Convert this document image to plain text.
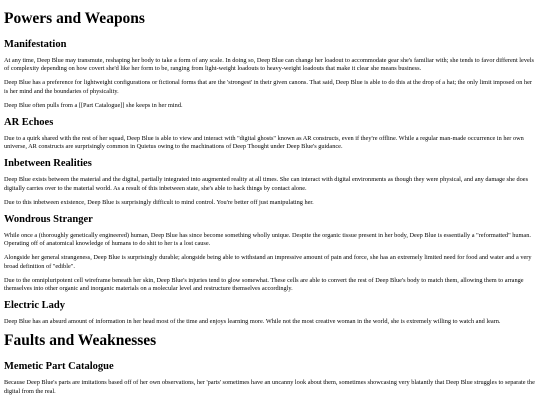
Powers and Weapons
Manifestation

At any time, Deep Blue may transmute, reshaping her body to take a form of any scale. In doing so, Deep Blue can change her loadout to accommodate gear she's familiar with; she tends to favor different levels of complexity depending on how covert she'd like her form to be, ranging from light-weight loadouts to heavy-weight loadouts that make it clear she means business.

Deep Blue has a preference for lightweight configurations or fictional forms that are the 'strongest' in their given canons. That said, Deep Blue is able to do this at the drop of a hat; the only limit imposed on her is her mind and the boundaries of physicality.

Deep Blue often pulls from a [[Part Catalogue]] she keeps in her mind.

AR Echoes

Due to a quirk shared with the rest of her squad, Deep Blue is able to view and interact with "digital ghosts" known as AR constructs, even if they're offline. While a regular man-made occurrence in her own universe, AR constructs are surprisingly common in Quietus owing to the machinations of Deep Thought under Deep Blue's guidance.

Inbetween Realities

Deep Blue exists between the material and the digital, partially integrated into augmented reality at all times. She can interact with digital environments as though they were physical, and any damage she does digitally carries over to the material world. As a result of this inbetween state, she's able to hack things by contact alone.

Due to this inbetween existence, Deep Blue is surprisingly difficult to mind control. You're better off just manipulating her.

Wondrous Stranger

While once a (thoroughly genetically engineered) human, Deep Blue has since become something wholly unique. Despite the organic tissue present in her body, Deep Blue is essentially a "reformatted" human. Operating off of anatomical knowledge of humans to do shit to her is a lost cause.

Alongside her general strangeness, Deep Blue is surprisingly durable; alongside being able to withstand an impressive amount of pain and force, she has an extremely limited need for food and water and a very broad definition of "edible".

Due to the omnipluripotent cell wireframe beneath her skin, Deep Blue's injuries tend to glow somewhat. These cells are able to convert the rest of Deep Blue's body to match them, allowing them to arrange themselves into other organic and inorganic materials on a molecular level and restructure themselves accordingly.

Electric Lady

Deep Blue has an absurd amount of information in her head most of the time and enjoys learning more. While not the most creative woman in the world, she is extremely willing to watch and learn.

Faults and Weaknesses
Memetic Part Catalogue

Because Deep Blue's parts are imitations based off of her own observations, her 'parts' sometimes have an uncanny look about them, sometimes showcasing very blatantly that Deep Blue struggles to separate the digital from the real.
